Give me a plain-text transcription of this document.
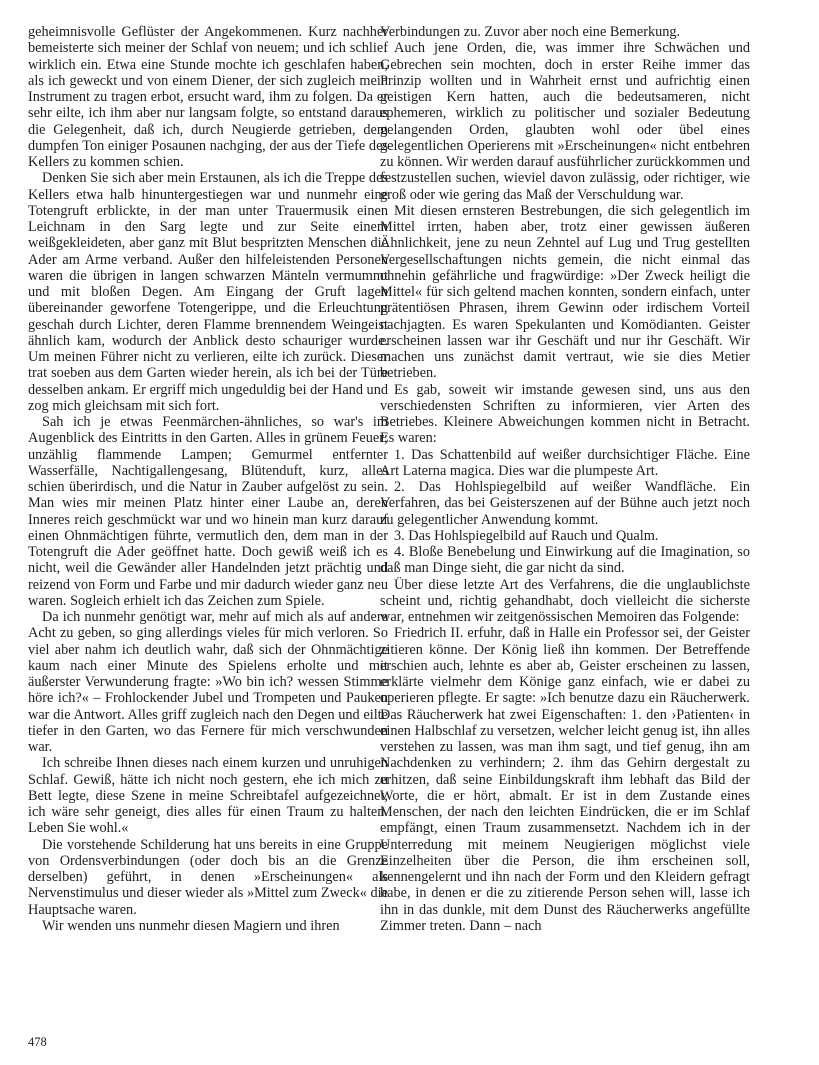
geheimnisvolle Geflüster der Angekommenen. Kurz nachher bemeisterte sich meiner der Schlaf von neuem; und ich schlief wirklich ein. Etwa eine Stunde mochte ich geschlafen haben, als ich geweckt und von einem Diener, der sich zugleich mein Instrument zu tragen erbot, ersucht ward, ihm zu folgen. Da er sehr eilte, ich ihm aber nur langsam folgte, so entstand daraus die Gelegenheit, daß ich, durch Neugierde getrieben, dem dumpfen Ton einiger Posaunen nachging, der aus der Tiefe des Kellers zu kommen schien.

Denken Sie sich aber mein Erstaunen, als ich die Treppe des Kellers etwa halb hinuntergestiegen war und nunmehr eine Totengruft erblickte, in der man unter Trauermusik einen Leichnam in den Sarg legte und zur Seite einem weißgekleideten, aber ganz mit Blut bespritzten Menschen die Ader am Arme verband. Außer den hilfeleistenden Personen waren die übrigen in langen schwarzen Mänteln vermummt und mit bloßen Degen. Am Eingang der Gruft lagen übereinander geworfene Totengerippe, und die Erleuchtung geschah durch Lichter, deren Flamme brennendem Weingeist ähnlich kam, wodurch der Anblick desto schauriger wurde. Um meinen Führer nicht zu verlieren, eilte ich zurück. Dieser trat soeben aus dem Garten wieder herein, als ich bei der Türe desselben ankam. Er ergriff mich ungeduldig bei der Hand und zog mich gleichsam mit sich fort.

Sah ich je etwas Feenmärchen-ähnliches, so war's im Augenblick des Eintritts in den Garten. Alles in grünem Feuer; unzählig flammende Lampen; Gemurmel entfernter Wasserfälle, Nachtigallengesang, Blütenduft, kurz, alles schien überirdisch, und die Natur in Zauber aufgelöst zu sein. Man wies mir meinen Platz hinter einer Laube an, deren Inneres reich geschmückt war und wo hinein man kurz darauf einen Ohnmächtigen führte, vermutlich den, dem man in der Totengruft die Ader geöffnet hatte. Doch gewiß weiß ich es nicht, weil die Gewänder aller Handelnden jetzt prächtig und reizend von Form und Farbe und mir dadurch wieder ganz neu waren. Sogleich erhielt ich das Zeichen zum Spiele.

Da ich nunmehr genötigt war, mehr auf mich als auf andere Acht zu geben, so ging allerdings vieles für mich verloren. So viel aber nahm ich deutlich wahr, daß sich der Ohnmächtige kaum nach einer Minute des Spielens erholte und mit äußerster Verwunderung fragte: »Wo bin ich? wessen Stimme höre ich?« – Frohlockender Jubel und Trompeten und Pauken war die Antwort. Alles griff zugleich nach den Degen und eilte tiefer in den Garten, wo das Fernere für mich verschwunden war.

Ich schreibe Ihnen dieses nach einem kurzen und unruhigen Schlaf. Gewiß, hätte ich nicht noch gestern, ehe ich mich zu Bett legte, diese Szene in meine Schreibtafel aufgezeichnet, ich wäre sehr geneigt, dies alles für einen Traum zu halten. Leben Sie wohl.«

Die vorstehende Schilderung hat uns bereits in eine Gruppe von Ordensverbindungen (oder doch bis an die Grenze derselben) geführt, in denen »Erscheinungen« als Nervenstimulus und dieser wieder als »Mittel zum Zweck« die Hauptsache waren.

Wir wenden uns nunmehr diesen Magiern und ihren

Verbindungen zu. Zuvor aber noch eine Bemerkung.

Auch jene Orden, die, was immer ihre Schwächen und Gebrechen sein mochten, doch in erster Reihe immer das Prinzip wollten und in Wahrheit ernst und aufrichtig einen geistigen Kern hatten, auch die bedeutsameren, nicht ephemeren, wirklich zu politischer und sozialer Bedeutung gelangenden Orden, glaubten wohl oder übel eines gelegentlichen Operierens mit »Erscheinungen« nicht entbehren zu können. Wir werden darauf ausführlicher zurückkommen und festzustellen suchen, wieviel davon zulässig, oder richtiger, wie groß oder wie gering das Maß der Verschuldung war.

Mit diesen ernsteren Bestrebungen, die sich gelegentlich im Mittel irrten, haben aber, trotz einer gewissen äußeren Ähnlichkeit, jene zu neun Zehntel auf Lug und Trug gestellten Vergesellschaftungen nichts gemein, die nicht einmal das ohnehin gefährliche und fragwürdige: »Der Zweck heiligt die Mittel« für sich geltend machen konnten, sondern einfach, unter prätentiösen Phrasen, ihrem Gewinn oder irdischem Vorteil nachjagten. Es waren Spekulanten und Komödianten. Geister erscheinen lassen war ihr Geschäft und nur ihr Geschäft. Wir machen uns zunächst damit vertraut, wie sie dies Metier betrieben.

Es gab, soweit wir imstande gewesen sind, uns aus den verschiedensten Schriften zu informieren, vier Arten des Betriebes. Kleinere Abweichungen kommen nicht in Betracht. Es waren:

1. Das Schattenbild auf weißer durchsichtiger Fläche. Eine Art Laterna magica. Dies war die plumpeste Art.

2. Das Hohlspiegelbild auf weißer Wandfläche. Ein Verfahren, das bei Geisterszenen auf der Bühne auch jetzt noch zu gelegentlicher Anwendung kommt.

3. Das Hohlspiegelbild auf Rauch und Qualm.

4. Bloße Benebelung und Einwirkung auf die Imagination, so daß man Dinge sieht, die gar nicht da sind.

Über diese letzte Art des Verfahrens, die die unglaublichste scheint und, richtig gehandhabt, doch vielleicht die sicherste war, entnehmen wir zeitgenössischen Memoiren das Folgende:

Friedrich II. erfuhr, daß in Halle ein Professor sei, der Geister zitieren könne. Der König ließ ihn kommen. Der Betreffende erschien auch, lehnte es aber ab, Geister erscheinen zu lassen, erklärte vielmehr dem Könige ganz einfach, wie er dabei zu operieren pflegte. Er sagte: »Ich benutze dazu ein Räucherwerk. Das Räucherwerk hat zwei Eigenschaften: 1. den ›Patienten‹ in einen Halbschlaf zu versetzen, welcher leicht genug ist, ihn alles verstehen zu lassen, was man ihm sagt, und tief genug, ihn am Nachdenken zu verhindern; 2. ihm das Gehirn dergestalt zu erhitzen, daß seine Einbildungskraft ihm lebhaft das Bild der Worte, die er hört, abmalt. Er ist in dem Zustande eines Menschen, der nach den leichten Eindrücken, die er im Schlaf empfängt, einen Traum zusammensetzt. Nachdem ich in der Unterredung mit meinem Neugierigen möglichst viele Einzelheiten über die Person, die ihm erscheinen soll, kennengelernt und ihn nach der Form und den Kleidern gefragt habe, in denen er die zu zitierende Person sehen will, lasse ich ihn in das dunkle, mit dem Dunst des Räucherwerks angefüllte Zimmer treten. Dann – nach

478
